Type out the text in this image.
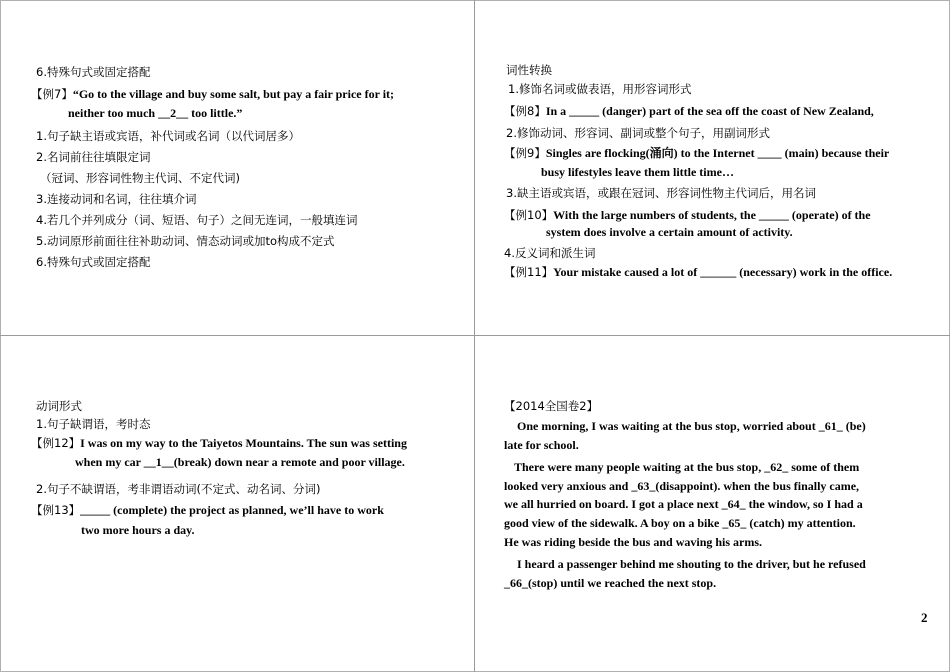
6.特殊句式或固定搭配
【例7】“Go to the village and buy some salt, but pay a fair price for it;
neither too much __2__ too little.”
1.句子缺主语或宾语，补代词或名词（以代词居多）
2.名词前往往填限定词
（冠词、形容词性物主代词、不定代词)
3.连接动词和名词，往往填介词
4.若几个并列成分（词、短语、句子）之间无连词，一般填连词
5.动词原形前面往往补助动词、情态动词或加to构成不定式
6.特殊句式或固定搭配
词性转换
1.修饰名词或做表语，用形容词形式
【例8】In a _____ (danger) part of the sea off the coast of New Zealand,
2.修饰动词、形容词、副词或整个句子，用副词形式
【例9】Singles are flocking(涌向) to the Internet ____ (main) because their
busy lifestyles leave them little time…
3.缺主语或宾语，或跟在冠词、形容词性物主代词后，用名词
【例10】With the large numbers of students, the _____ (operate) of the
system does involve a certain amount of activity.
4.反义词和派生词
【例11】Your mistake caused a lot of ______ (necessary) work in the office.
动词形式
1.句子缺谓语，考时态
【例12】I was on my way to the Taiyetos Mountains. The sun was setting
when my car __1__(break) down near a remote and poor village.
2.句子不缺谓语，考非谓语动词(不定式、动名词、分词)
【例13】_____ (complete) the project as planned, we’ll have to work
two more hours a day.
【2014全国卷2】
One morning, I was waiting at the bus stop, worried about _61_ (be)
late for school.
There were many people waiting at the bus stop, _62_ some of them
looked very anxious and _63_(disappoint). when the bus finally came,
we all hurried on board. I got a place next _64_ the window, so I had a
good view of the sidewalk. A boy on a bike _65_ (catch) my attention.
He was riding beside the bus and waving his arms.
I heard a passenger behind me shouting to the driver, but he refused
_66_(stop) until we reached the next stop.
2
